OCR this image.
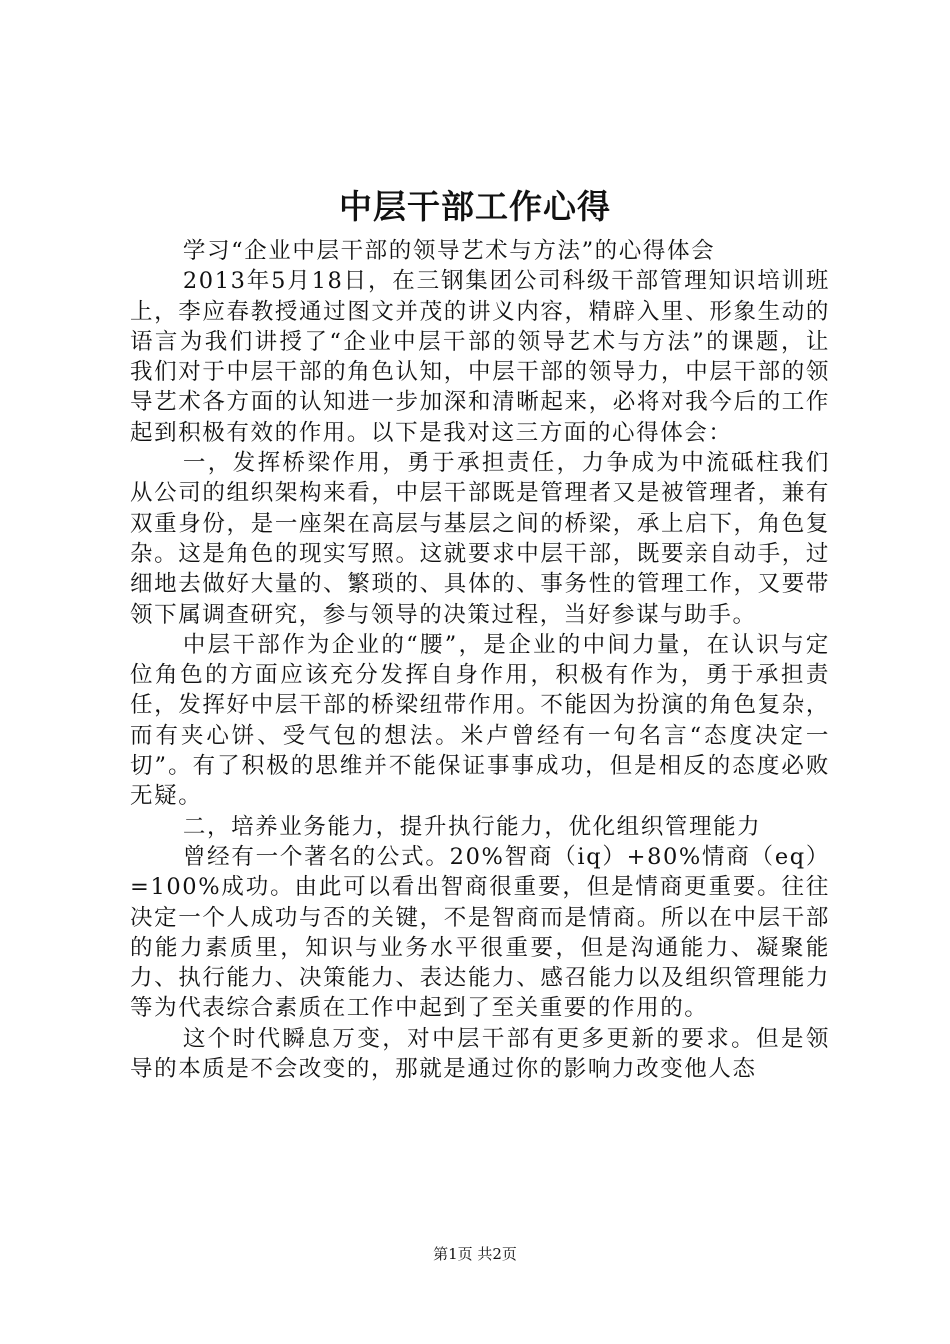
中层干部工作心得

学习“企业中层干部的领导艺术与方法”的心得体会

2013年5月18日，在三钢集团公司科级干部管理知识培训班上，李应春教授通过图文并茂的讲义内容，精辟入里、形象生动的语言为我们讲授了“企业中层干部的领导艺术与方法”的课题，让我们对于中层干部的角色认知，中层干部的领导力，中层干部的领导艺术各方面的认知进一步加深和清晰起来，必将对我今后的工作起到积极有效的作用。以下是我对这三方面的心得体会：

一，发挥桥梁作用，勇于承担责任，力争成为中流砥柱我们从公司的组织架构来看，中层干部既是管理者又是被管理者，兼有双重身份，是一座架在高层与基层之间的桥梁，承上启下，角色复杂。这是角色的现实写照。这就要求中层干部，既要亲自动手，过细地去做好大量的、繁琐的、具体的、事务性的管理工作，又要带领下属调查研究，参与领导的决策过程，当好参谋与助手。

中层干部作为企业的“腰”，是企业的中间力量，在认识与定位角色的方面应该充分发挥自身作用，积极有作为，勇于承担责任，发挥好中层干部的桥梁纽带作用。不能因为扮演的角色复杂，而有夹心饼、受气包的想法。米卢曾经有一句名言“态度决定一切”。有了积极的思维并不能保证事事成功，但是相反的态度必败无疑。

二，培养业务能力，提升执行能力，优化组织管理能力

曾经有一个著名的公式。20%智商（iq）+80%情商（eq）=100%成功。由此可以看出智商很重要，但是情商更重要。往往决定一个人成功与否的关键，不是智商而是情商。所以在中层干部的能力素质里，知识与业务水平很重要，但是沟通能力、凝聚能力、执行能力、决策能力、表达能力、感召能力以及组织管理能力等为代表综合素质在工作中起到了至关重要的作用的。

这个时代瞬息万变，对中层干部有更多更新的要求。但是领导的本质是不会改变的，那就是通过你的影响力改变他人态

第1页 共2页
